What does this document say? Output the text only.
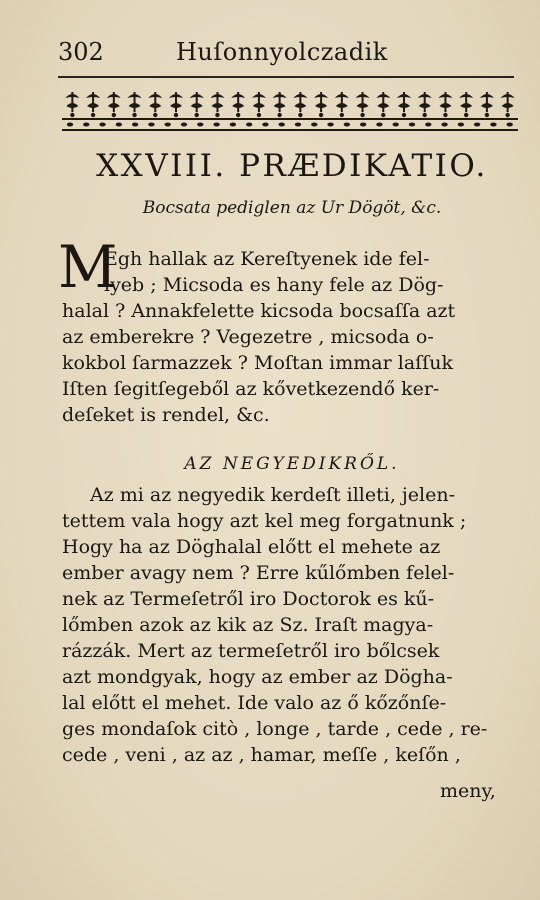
302	Huſonnyolczadik
XXVIII. PRÆDIKATIO.
Bocsata pediglen az Ur Dögöt, &c.
M
Egh hallak az Kereſtyenek ide fel-
lyeb ; Micsoda es hany fele az Dög-
halal ? Annakfelette kicsoda bocsaſſa azt
az emberekre ? Vegezetre , micsoda o-
kokbol ſarmazzek ? Moſtan immar laſſuk
Iſten ſegitſegeből az kővetkezendő ker-
deſeket is rendel, &c.
AZ NEGYEDIKRŐL.
Az mi az negyedik kerdeſt illeti, jelen-
tettem vala hogy azt kel meg forgatnunk ;
Hogy ha az Döghalal előtt el mehete az
ember avagy nem ? Erre kűlőmben felel-
nek az Termeſetről iro Doctorok es kű-
lőmben azok az kik az Sz. Iraſt magya-
rázzák. Mert az termeſetről iro bőlcsek
azt mondgyak, hogy az ember az Dögha-
lal előtt el mehet. Ide valo az ő kőzőnſe-
ges mondaſok citò , longe , tarde , cede , re-
cede , veni , az az , hamar, meſſe , keſőn ,
meny,
